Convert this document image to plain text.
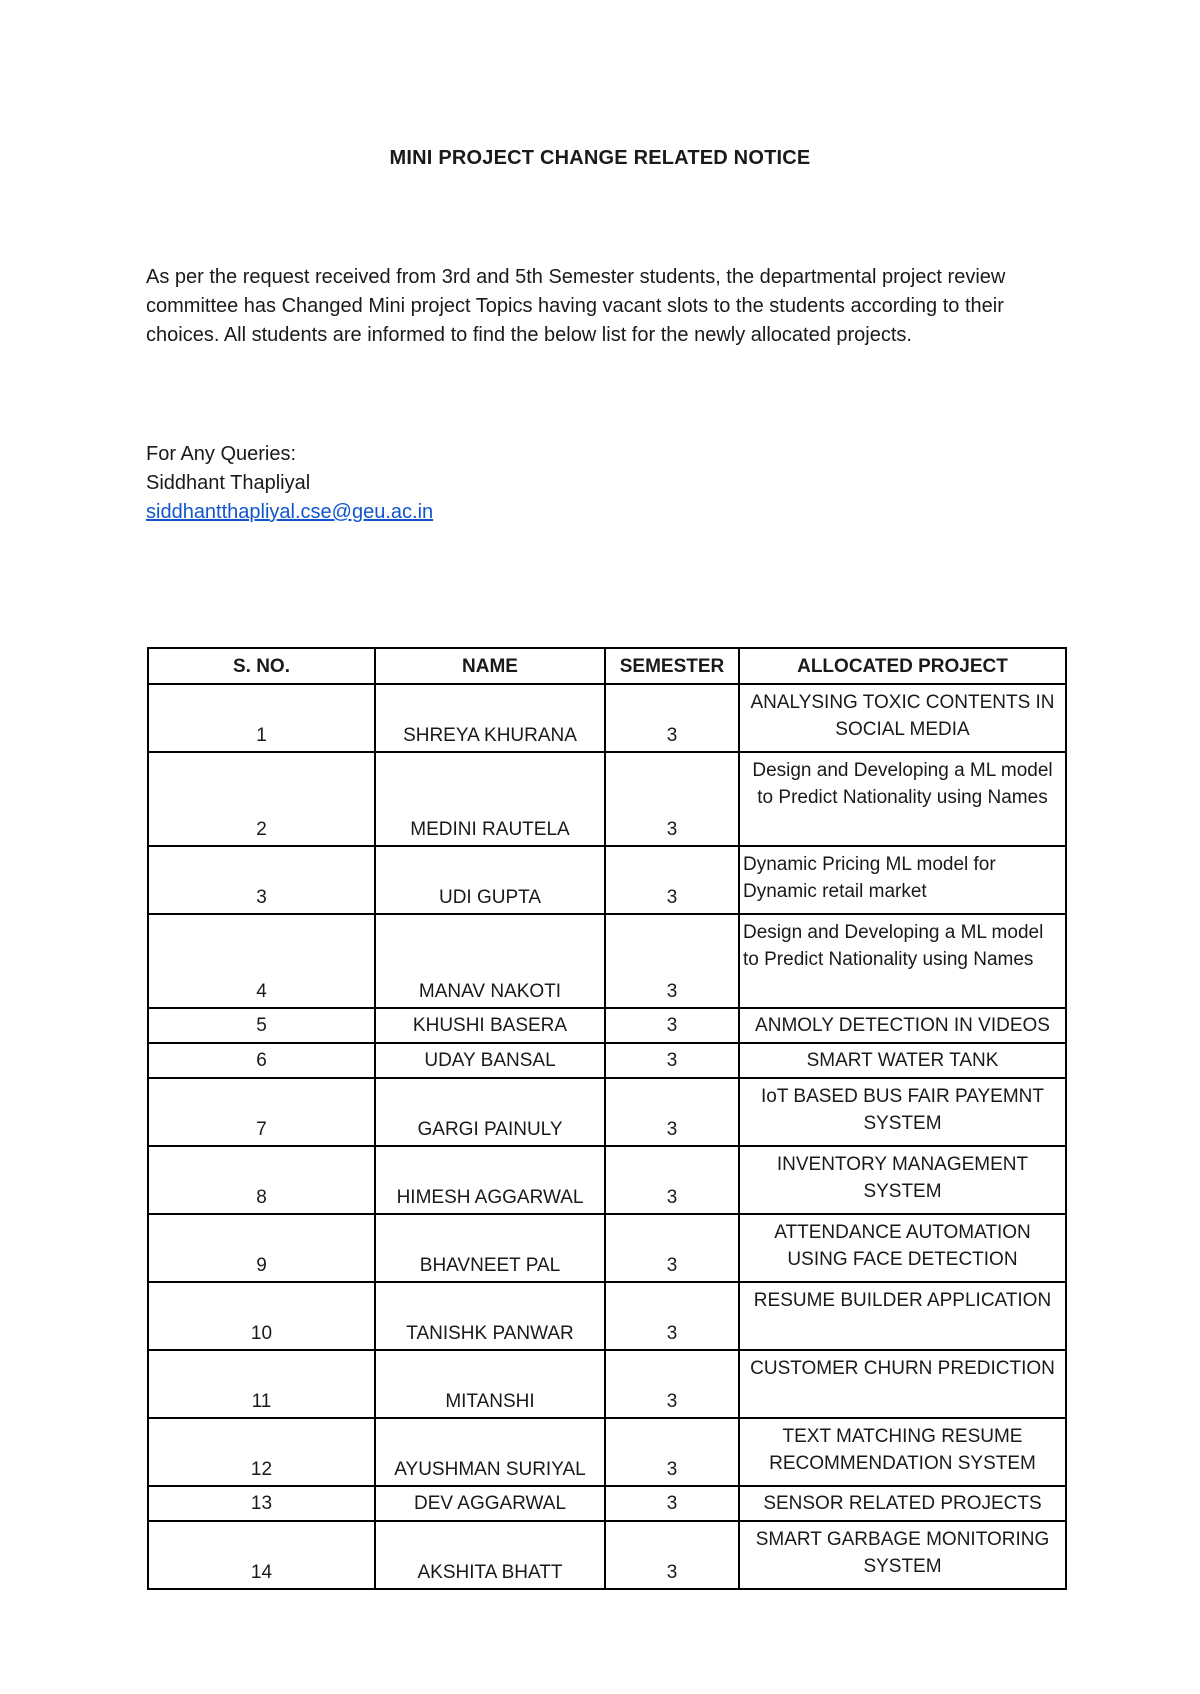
MINI PROJECT CHANGE RELATED NOTICE

As per the request received from 3rd and 5th Semester students, the departmental project review committee has Changed Mini project Topics having vacant slots to the students according to their choices. All students are informed to find the below list for the newly allocated projects.

For Any Queries:
Siddhant Thapliyal
siddhantthapliyal.cse@geu.ac.in
S. NO.	NAME	SEMESTER	ALLOCATED PROJECT
1	SHREYA KHURANA	3	ANALYSING TOXIC CONTENTS IN SOCIAL MEDIA
2	MEDINI RAUTELA	3	Design and Developing a ML model to Predict Nationality using Names
3	UDI GUPTA	3	Dynamic Pricing ML model for Dynamic retail market
4	MANAV NAKOTI	3	Design and Developing a ML model to Predict Nationality using Names
5	KHUSHI BASERA	3	ANMOLY DETECTION IN VIDEOS
6	UDAY BANSAL	3	SMART WATER TANK
7	GARGI PAINULY	3	IoT BASED BUS FAIR PAYEMNT SYSTEM
8	HIMESH AGGARWAL	3	INVENTORY MANAGEMENT SYSTEM
9	BHAVNEET PAL	3	ATTENDANCE AUTOMATION USING FACE DETECTION
10	TANISHK PANWAR	3	RESUME BUILDER APPLICATION
11	MITANSHI	3	CUSTOMER CHURN PREDICTION
12	AYUSHMAN SURIYAL	3	TEXT MATCHING RESUME RECOMMENDATION SYSTEM
13	DEV AGGARWAL	3	SENSOR RELATED PROJECTS
14	AKSHITA BHATT	3	SMART GARBAGE MONITORING SYSTEM
